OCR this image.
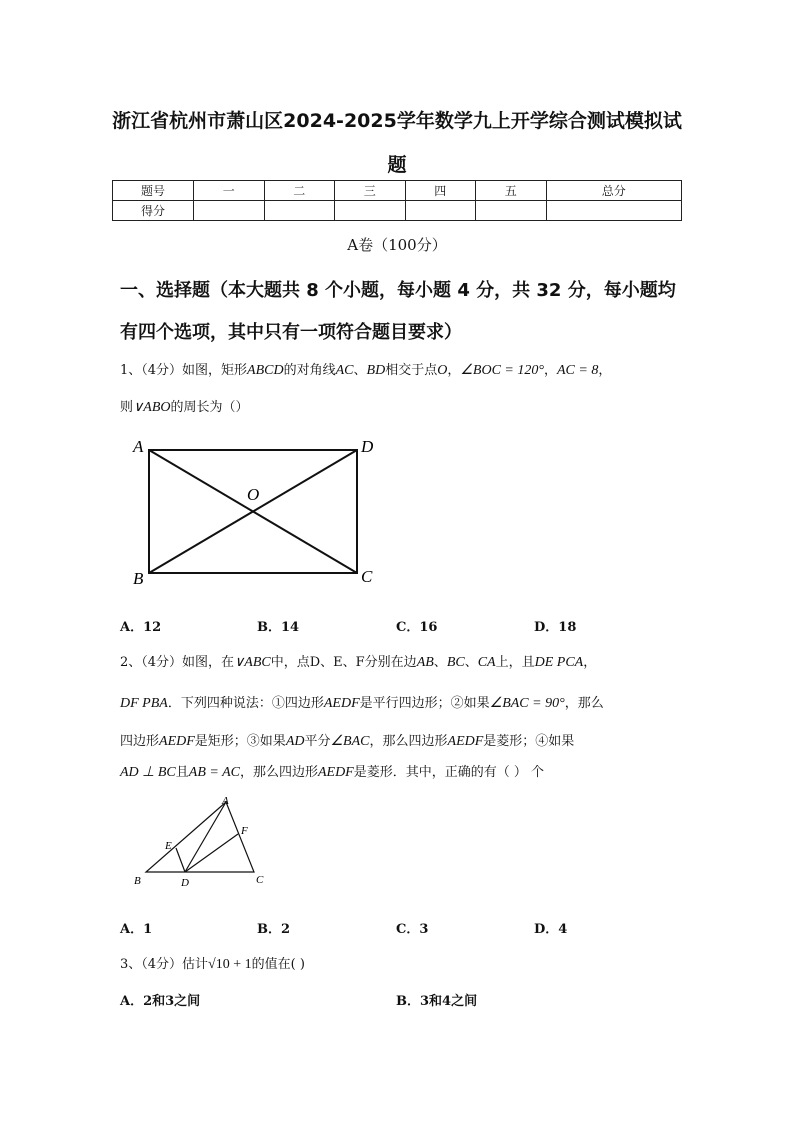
浙江省杭州市萧山区2024-2025学年数学九上开学综合测试模拟试
题
题号	一	二	三	四	五	总分
得分						
A卷（100分）
一、选择题（本大题共 8 个小题，每小题 4 分，共 32 分，每小题均
有四个选项，其中只有一项符合题目要求）
1、（4分）如图，矩形ABCD的对角线AC、BD相交于点O，∠BOC = 120°，AC = 8，
则∨ABO的周长为（）
A	D
O
B	C
A．12	B．14	C．16	D．18
2、（4分）如图，在∨ABC中，点D、E、F分别在边AB、BC、CA上，且DE PCA，
DF PBA．下列四种说法：①四边形AEDF是平行四边形；②如果∠BAC = 90°，那么
四边形AEDF是矩形；③如果AD平分∠BAC，那么四边形AEDF是菱形；④如果
AD ⊥ BC且AB = AC，那么四边形AEDF是菱形．其中，正确的有（ ） 个
A
F
E
B	D	C
A．1	B．2	C．3	D．4
3、（4分）估计√10 + 1的值在( )
A．2和3之间	B．3和4之间
